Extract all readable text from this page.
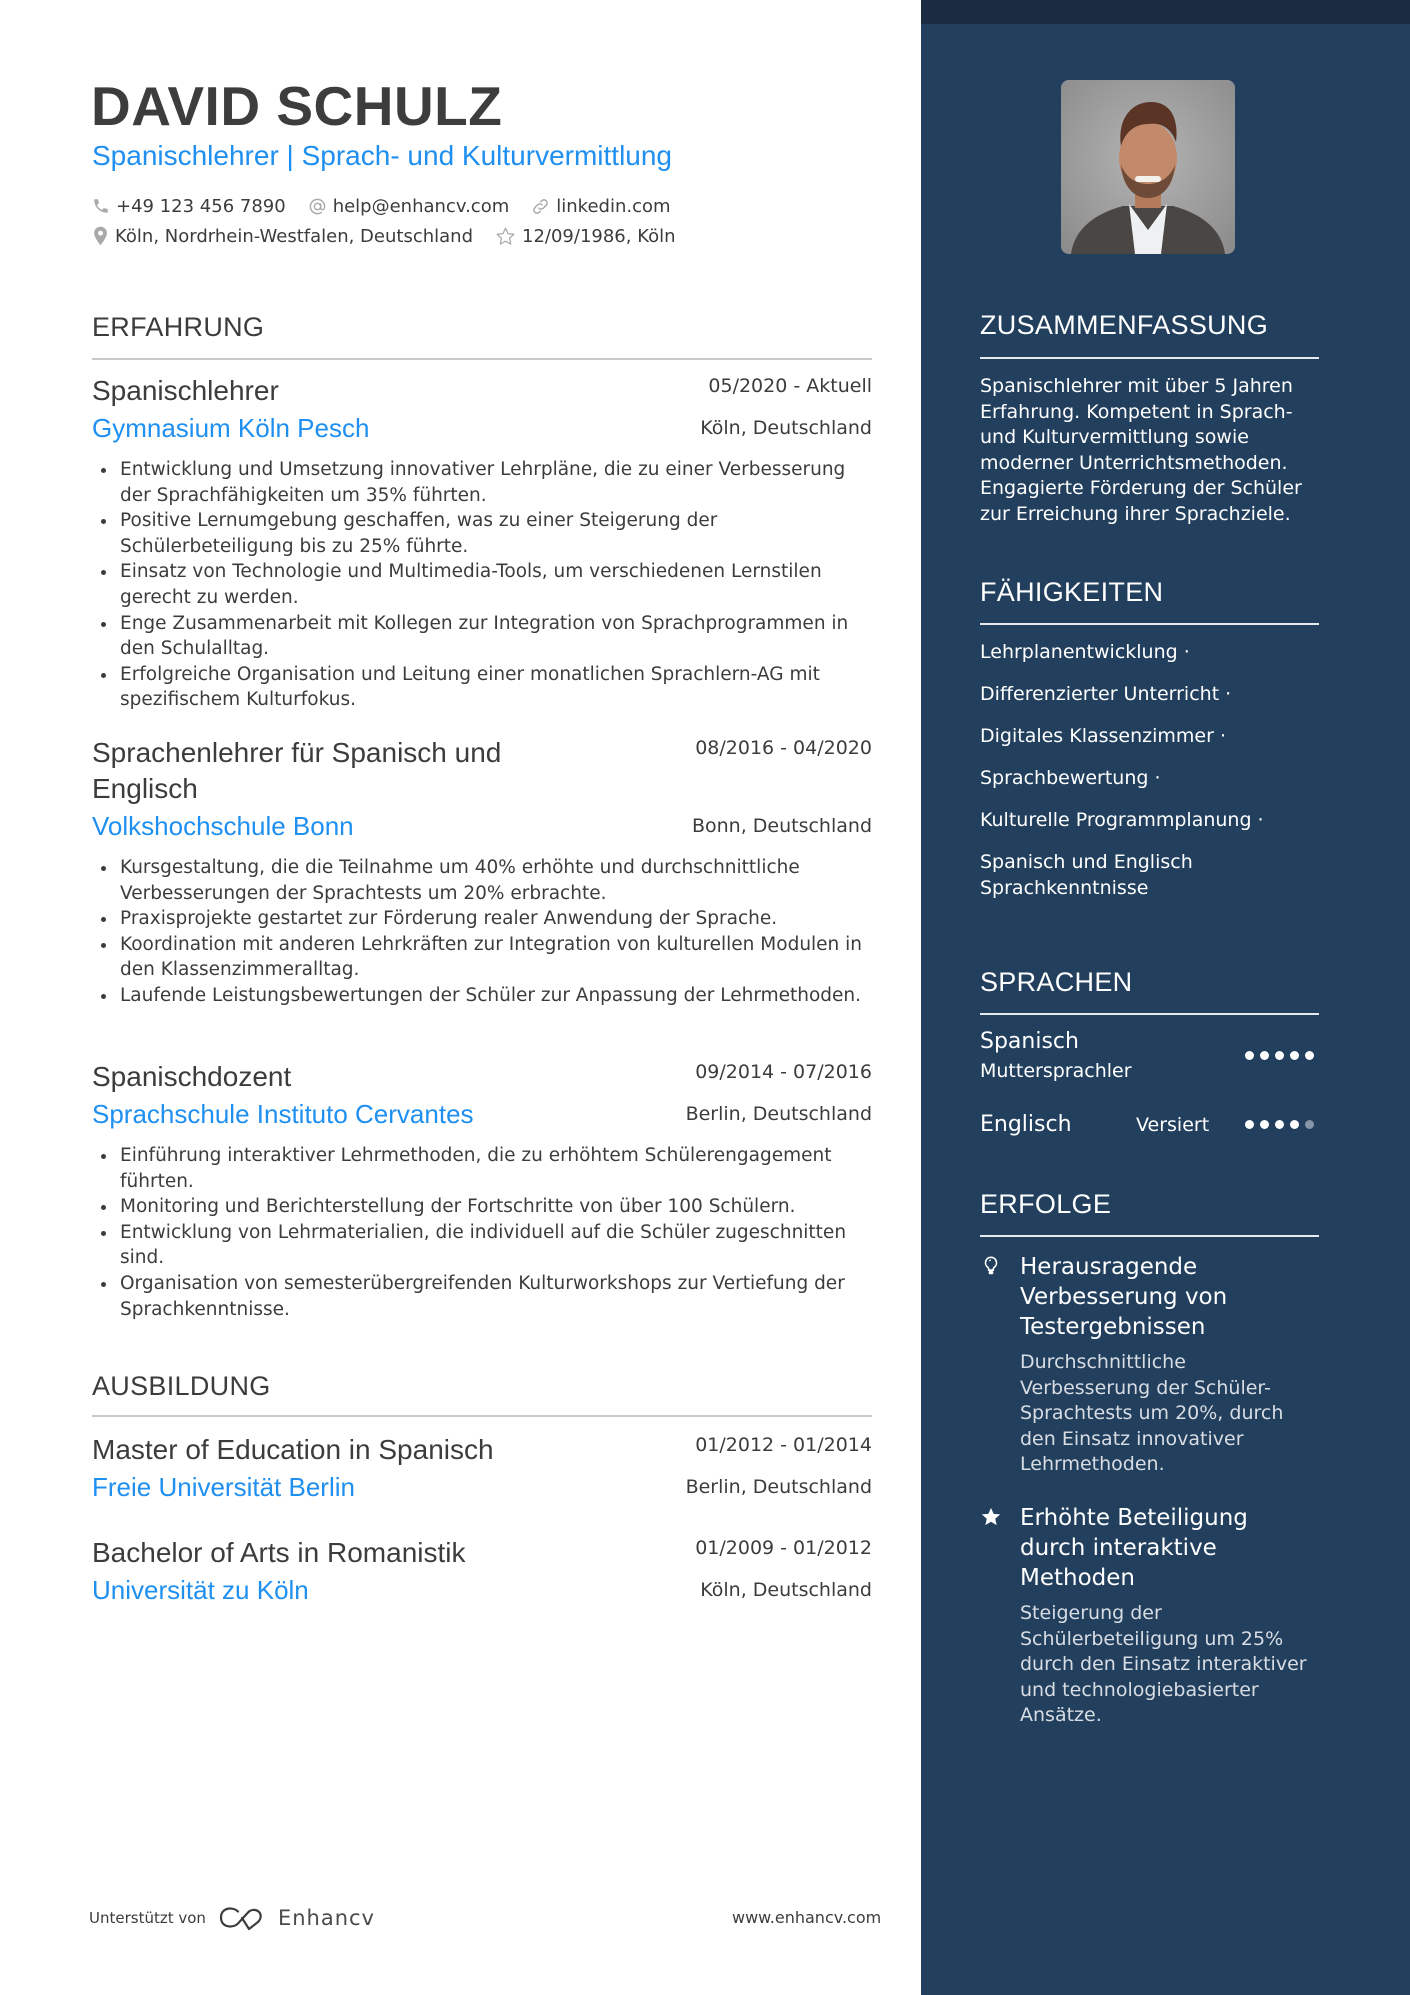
DAVID SCHULZ
Spanischlehrer | Sprach- und Kulturvermittlung
+49 123 456 7890	help@enhancv.com	linkedin.com
Köln, Nordrhein-Westfalen, Deutschland	12/09/1986, Köln
ERFAHRUNG
Spanischlehrer	05/2020 - Aktuell
Gymnasium Köln Pesch	Köln, Deutschland
Entwicklung und Umsetzung innovativer Lehrpläne, die zu einer Verbesserung der Sprachfähigkeiten um 35% führten.
Positive Lernumgebung geschaffen, was zu einer Steigerung der Schülerbeteiligung bis zu 25% führte.
Einsatz von Technologie und Multimedia-Tools, um verschiedenen Lernstilen gerecht zu werden.
Enge Zusammenarbeit mit Kollegen zur Integration von Sprachprogrammen in den Schulalltag.
Erfolgreiche Organisation und Leitung einer monatlichen Sprachlern-AG mit spezifischem Kulturfokus.
Sprachenlehrer für Spanisch und Englisch
08/2016 - 04/2020
Volkshochschule Bonn	Bonn, Deutschland
Kursgestaltung, die die Teilnahme um 40% erhöhte und durchschnittliche Verbesserungen der Sprachtests um 20% erbrachte.
Praxisprojekte gestartet zur Förderung realer Anwendung der Sprache.
Koordination mit anderen Lehrkräften zur Integration von kulturellen Modulen in den Klassenzimmeralltag.
Laufende Leistungsbewertungen der Schüler zur Anpassung der Lehrmethoden.
Spanischdozent	09/2014 - 07/2016
Sprachschule Instituto Cervantes	Berlin, Deutschland
Einführung interaktiver Lehrmethoden, die zu erhöhtem Schülerengagement führten.
Monitoring und Berichterstellung der Fortschritte von über 100 Schülern.
Entwicklung von Lehrmaterialien, die individuell auf die Schüler zugeschnitten sind.
Organisation von semesterübergreifenden Kulturworkshops zur Vertiefung der Sprachkenntnisse.
AUSBILDUNG
Master of Education in Spanisch	01/2012 - 01/2014
Freie Universität Berlin	Berlin, Deutschland
Bachelor of Arts in Romanistik	01/2009 - 01/2012
Universität zu Köln	Köln, Deutschland
Unterstützt von	Enhancv	www.enhancv.com
ZUSAMMENFASSUNG
Spanischlehrer mit über 5 Jahren Erfahrung. Kompetent in Sprach- und Kulturvermittlung sowie moderner Unterrichtsmethoden. Engagierte Förderung der Schüler zur Erreichung ihrer Sprachziele.
FÄHIGKEITEN
Lehrplanentwicklung ·
Differenzierter Unterricht ·
Digitales Klassenzimmer ·
Sprachbewertung ·
Kulturelle Programmplanung ·
Spanisch und Englisch Sprachkenntnisse
SPRACHEN
Spanisch
Muttersprachler
Englisch	Versiert
ERFOLGE
Herausragende Verbesserung von Testergebnissen
Durchschnittliche Verbesserung der Schüler-Sprachtests um 20%, durch den Einsatz innovativer Lehrmethoden.
Erhöhte Beteiligung durch interaktive Methoden
Steigerung der Schülerbeteiligung um 25% durch den Einsatz interaktiver und technologiebasierter Ansätze.
